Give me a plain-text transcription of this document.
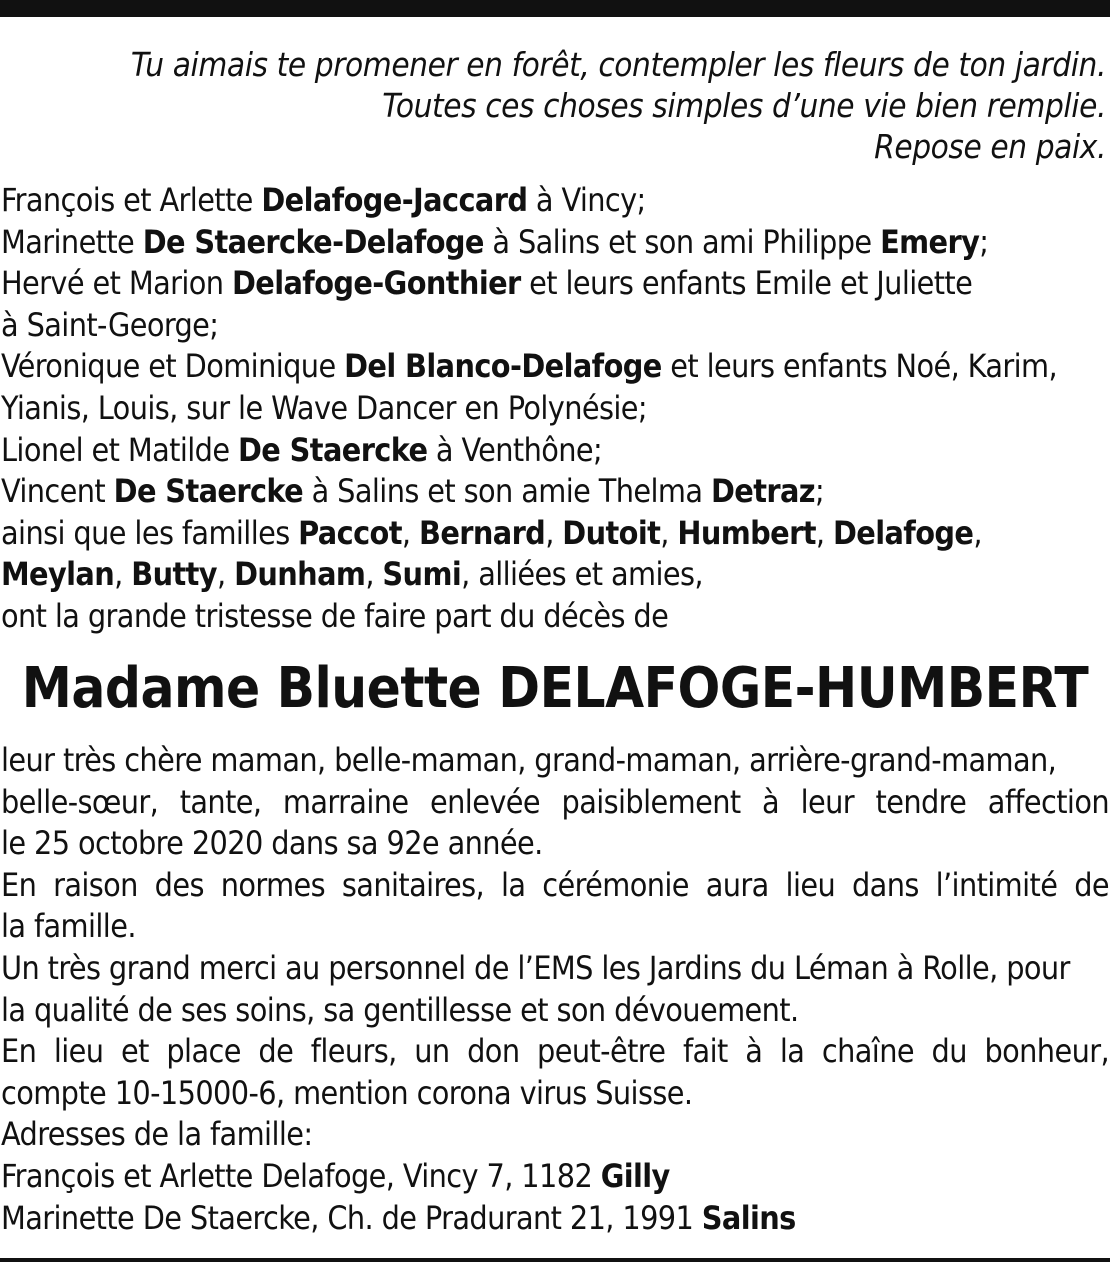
Tu aimais te promener en forêt, contempler les fleurs de ton jardin.
Toutes ces choses simples d’une vie bien remplie.
Repose en paix.
François et Arlette Delafoge-Jaccard à Vincy;
Marinette De Staercke-Delafoge à Salins et son ami Philippe Emery;
Hervé et Marion Delafoge-Gonthier et leurs enfants Emile et Juliette
à Saint-George;
Véronique et Dominique Del Blanco-Delafoge et leurs enfants Noé, Karim,
Yianis, Louis, sur le Wave Dancer en Polynésie;
Lionel et Matilde De Staercke à Venthône;
Vincent De Staercke à Salins et son amie Thelma Detraz;
ainsi que les familles Paccot, Bernard, Dutoit, Humbert, Delafoge,
Meylan, Butty, Dunham, Sumi, alliées et amies,
ont la grande tristesse de faire part du décès de
Madame Bluette DELAFOGE-HUMBERT
leur très chère maman, belle-maman, grand-maman, arrière-grand-maman,
belle-sœur, tante, marraine enlevée paisiblement à leur tendre affection
le 25 octobre 2020 dans sa 92e année.
En raison des normes sanitaires, la cérémonie aura lieu dans l’intimité de
la famille.
Un très grand merci au personnel de l’EMS les Jardins du Léman à Rolle, pour
la qualité de ses soins, sa gentillesse et son dévouement.
En lieu et place de fleurs, un don peut-être fait à la chaîne du bonheur,
compte 10-15000-6, mention corona virus Suisse.
Adresses de la famille:
François et Arlette Delafoge, Vincy 7, 1182 Gilly
Marinette De Staercke, Ch. de Pradurant 21, 1991 Salins
